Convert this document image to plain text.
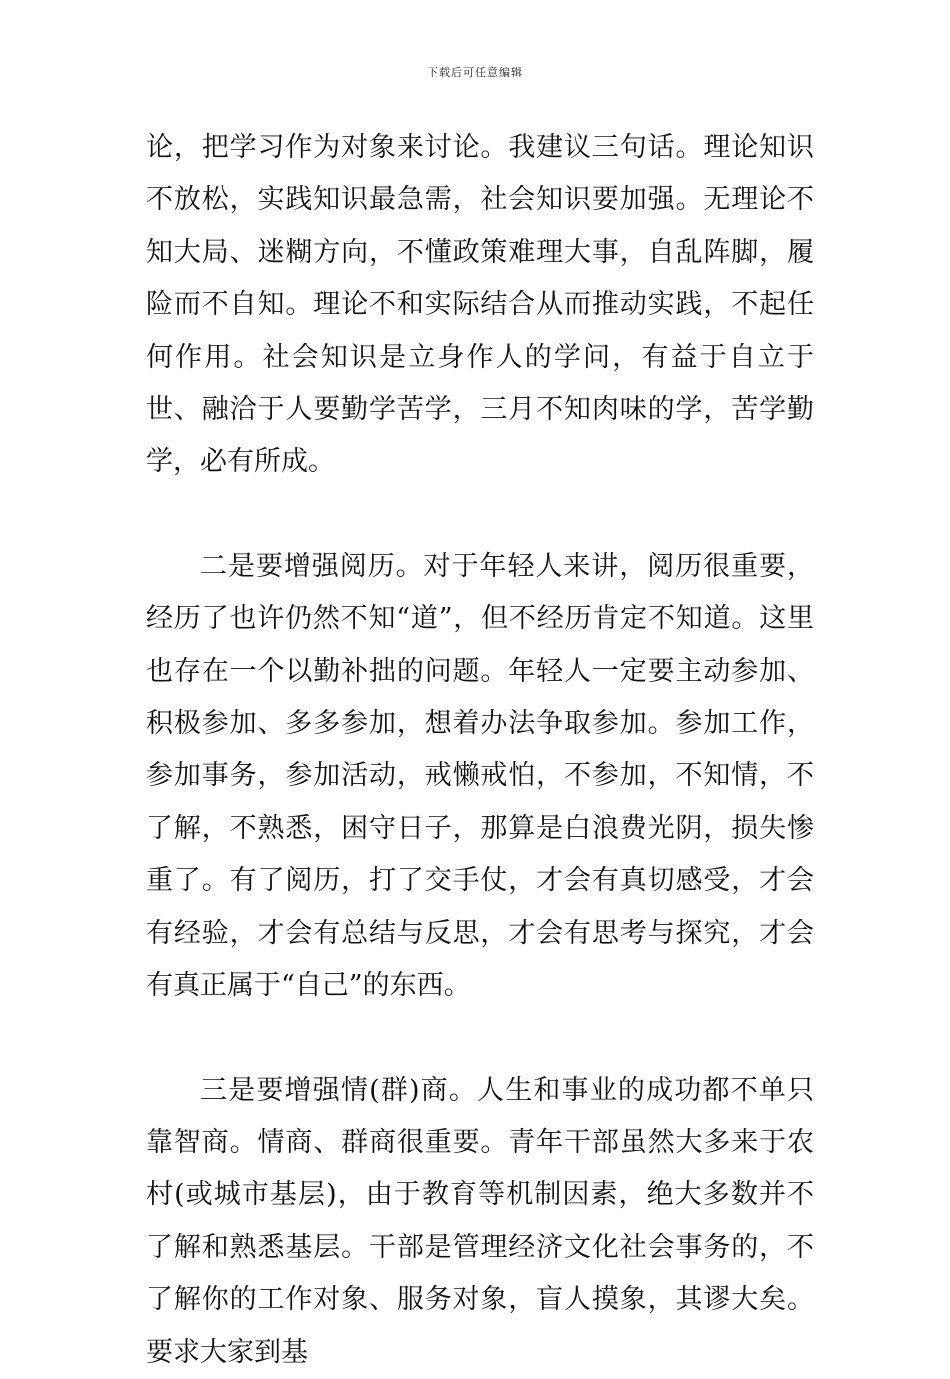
下载后可任意编辑

论，把学习作为对象来讨论。我建议三句话。理论知识不放松，实践知识最急需，社会知识要加强。无理论不知大局、迷糊方向，不懂政策难理大事，自乱阵脚，履险而不自知。理论不和实际结合从而推动实践，不起任何作用。社会知识是立身作人的学问，有益于自立于世、融洽于人要勤学苦学，三月不知肉味的学，苦学勤学，必有所成。

二是要增强阅历。对于年轻人来讲，阅历很重要，经历了也许仍然不知“道”，但不经历肯定不知道。这里也存在一个以勤补拙的问题。年轻人一定要主动参加、积极参加、多多参加，想着办法争取参加。参加工作，参加事务，参加活动，戒懒戒怕，不参加，不知情，不了解，不熟悉，困守日子，那算是白浪费光阴，损失惨重了。有了阅历，打了交手仗，才会有真切感受，才会有经验，才会有总结与反思，才会有思考与探究，才会有真正属于“自己”的东西。

三是要增强情(群)商。人生和事业的成功都不单只靠智商。情商、群商很重要。青年干部虽然大多来于农村(或城市基层)，由于教育等机制因素，绝大多数并不了解和熟悉基层。干部是管理经济文化社会事务的，不了解你的工作对象、服务对象，盲人摸象，其谬大矣。要求大家到基
